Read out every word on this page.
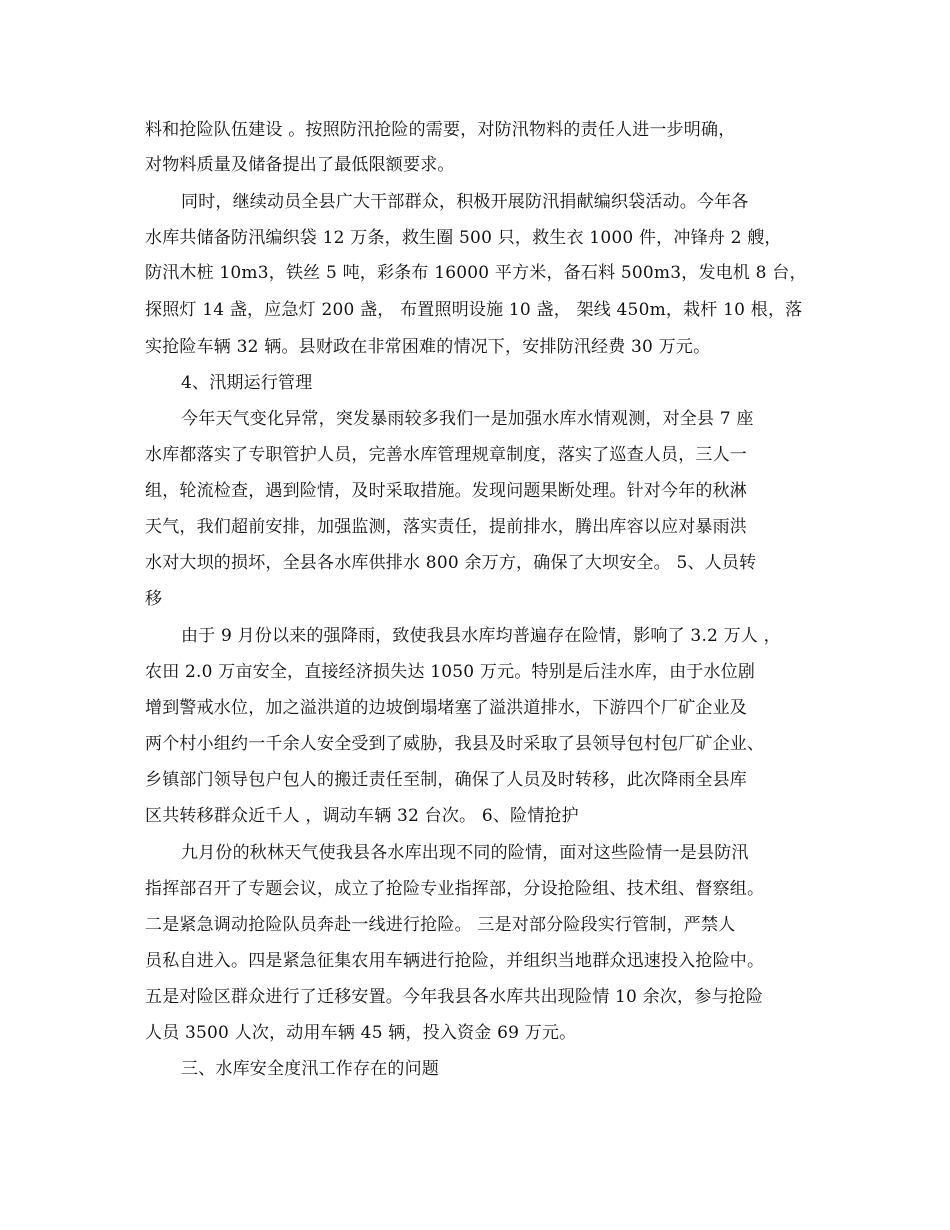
料和抢险队伍建设 。按照防汛抢险的需要，对防汛物料的责任人进一步明确，
对物料质量及储备提出了最低限额要求。
同时，继续动员全县广大干部群众，积极开展防汛捐献编织袋活动。今年各
水库共储备防汛编织袋 12 万条，救生圈 500 只，救生衣 1000 件，冲锋舟 2 艘，
防汛木桩 10m3，铁丝 5 吨，彩条布 16000 平方米，备石料 500m3，发电机 8 台，
探照灯 14 盏，应急灯 200 盏， 布置照明设施 10 盏， 架线 450m，栽杆 10 根，落
实抢险车辆 32 辆。县财政在非常困难的情况下，安排防汛经费 30 万元。
4、汛期运行管理
今年天气变化异常，突发暴雨较多我们一是加强水库水情观测，对全县 7 座
水库都落实了专职管护人员，完善水库管理规章制度，落实了巡查人员，三人一
组，轮流检查，遇到险情，及时采取措施。发现问题果断处理。针对今年的秋淋
天气，我们超前安排，加强监测，落实责任，提前排水，腾出库容以应对暴雨洪
水对大坝的损坏，全县各水库供排水 800 余万方，确保了大坝安全。 5、人员转
移
由于 9 月份以来的强降雨，致使我县水库均普遍存在险情，影响了 3.2 万人 ，
农田 2.0 万亩安全，直接经济损失达 1050 万元。特别是后洼水库，由于水位剧
增到警戒水位，加之溢洪道的边坡倒塌堵塞了溢洪道排水，下游四个厂矿企业及
两个村小组约一千余人安全受到了威胁，我县及时采取了县领导包村包厂矿企业、
乡镇部门领导包户包人的搬迁责任至制，确保了人员及时转移，此次降雨全县库
区共转移群众近千人 ，调动车辆 32 台次。 6、险情抢护
九月份的秋林天气使我县各水库出现不同的险情，面对这些险情一是县防汛
指挥部召开了专题会议，成立了抢险专业指挥部，分设抢险组、技术组、督察组。
二是紧急调动抢险队员奔赴一线进行抢险。 三是对部分险段实行管制，严禁人
员私自进入。四是紧急征集农用车辆进行抢险，并组织当地群众迅速投入抢险中。
五是对险区群众进行了迁移安置。今年我县各水库共出现险情 10 余次，参与抢险
人员 3500 人次，动用车辆 45 辆，投入资金 69 万元。
三、水库安全度汛工作存在的问题
